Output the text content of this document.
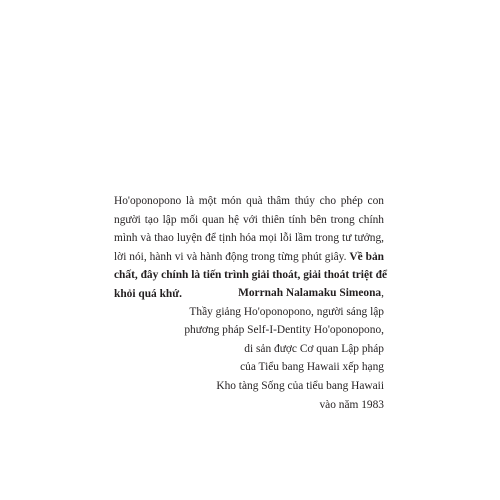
Ho'oponopono là một món quà thâm thúy cho phép con
người tạo lập mối quan hệ với thiên tính bên trong chính
mình và thao luyện để tịnh hóa mọi lỗi lầm trong tư tưởng,
lời nói, hành vi và hành động trong từng phút giây. Về bản
chất, đây chính là tiến trình giải thoát, giải thoát triệt để
khỏi quá khứ.	Morrnah Nalamaku Simeona,
Thầy giảng Ho'oponopono, người sáng lập
phương pháp Self-I-Dentity Ho'oponopono,
di sản được Cơ quan Lập pháp
của Tiểu bang Hawaii xếp hạng
Kho tàng Sống của tiểu bang Hawaii
vào năm 1983
